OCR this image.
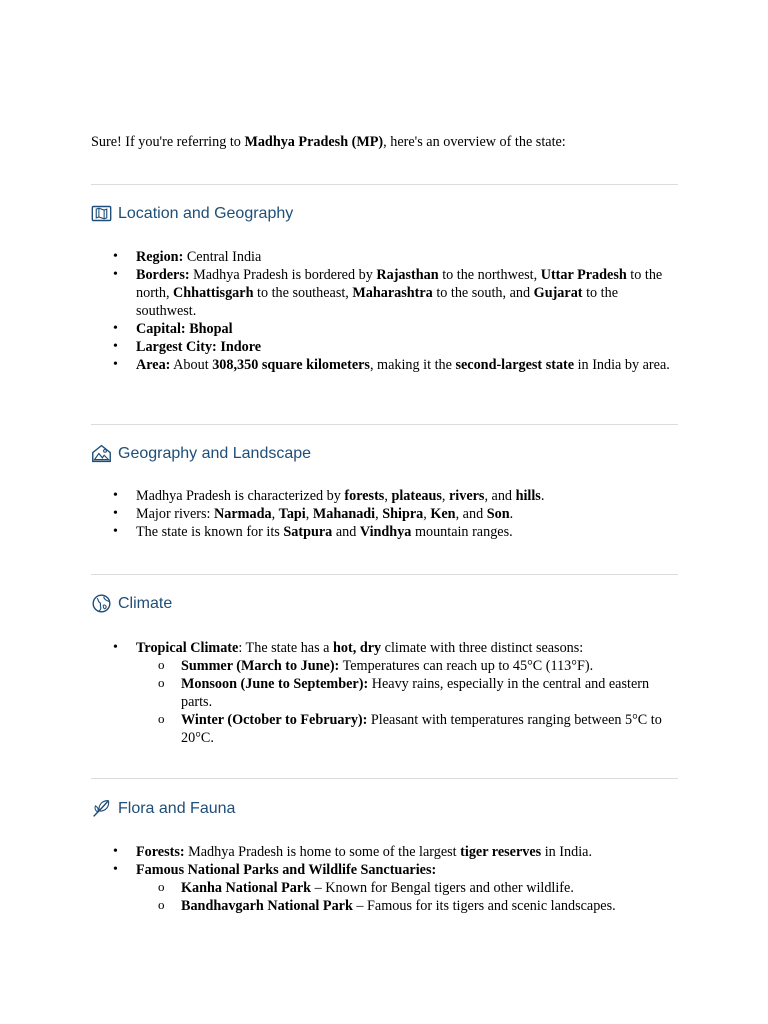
Sure! If you're referring to Madhya Pradesh (MP), here's an overview of the state:
Location and Geography
• Region: Central India
• Borders: Madhya Pradesh is bordered by Rajasthan to the northwest, Uttar Pradesh to the north, Chhattisgarh to the southeast, Maharashtra to the south, and Gujarat to the southwest.
• Capital: Bhopal
• Largest City: Indore
• Area: About 308,350 square kilometers, making it the second-largest state in India by area.
Geography and Landscape
• Madhya Pradesh is characterized by forests, plateaus, rivers, and hills.
• Major rivers: Narmada, Tapi, Mahanadi, Shipra, Ken, and Son.
• The state is known for its Satpura and Vindhya mountain ranges.
Climate
• Tropical Climate: The state has a hot, dry climate with three distinct seasons:
o Summer (March to June): Temperatures can reach up to 45°C (113°F).
o Monsoon (June to September): Heavy rains, especially in the central and eastern parts.
o Winter (October to February): Pleasant with temperatures ranging between 5°C to 20°C.
Flora and Fauna
• Forests: Madhya Pradesh is home to some of the largest tiger reserves in India.
• Famous National Parks and Wildlife Sanctuaries:
o Kanha National Park – Known for Bengal tigers and other wildlife.
o Bandhavgarh National Park – Famous for its tigers and scenic landscapes.
